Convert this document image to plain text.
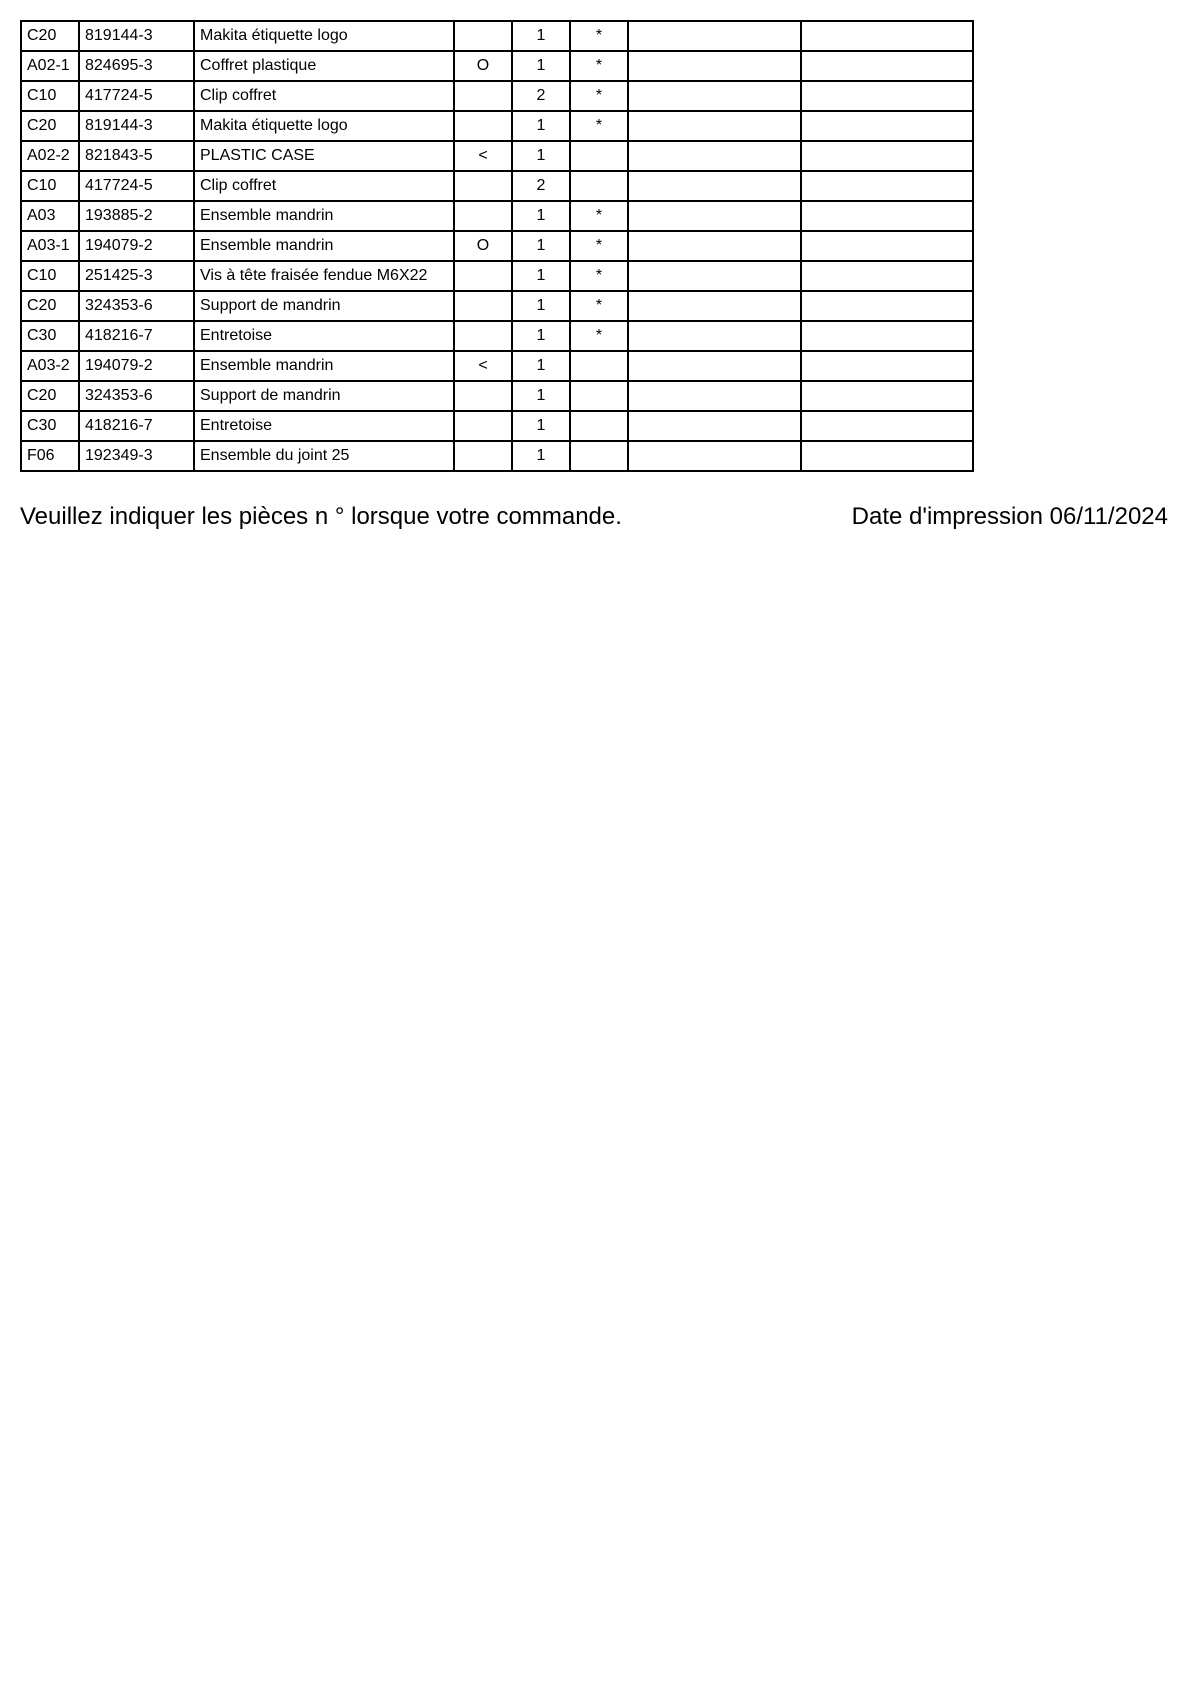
C20	819144-3	Makita étiquette logo		1	*		
A02-1	824695-3	Coffret plastique	O	1	*		
C10	417724-5	Clip coffret		2	*		
C20	819144-3	Makita étiquette logo		1	*		
A02-2	821843-5	PLASTIC CASE	<	1			
C10	417724-5	Clip coffret		2			
A03	193885-2	Ensemble mandrin		1	*		
A03-1	194079-2	Ensemble mandrin	O	1	*		
C10	251425-3	Vis à tête fraisée fendue M6X22		1	*		
C20	324353-6	Support de mandrin		1	*		
C30	418216-7	Entretoise		1	*		
A03-2	194079-2	Ensemble mandrin	<	1			
C20	324353-6	Support de mandrin		1			
C30	418216-7	Entretoise		1			
F06	192349-3	Ensemble du joint 25		1			
Veuillez indiquer les pièces n ° lorsque votre commande.	Date d'impression 06/11/2024
